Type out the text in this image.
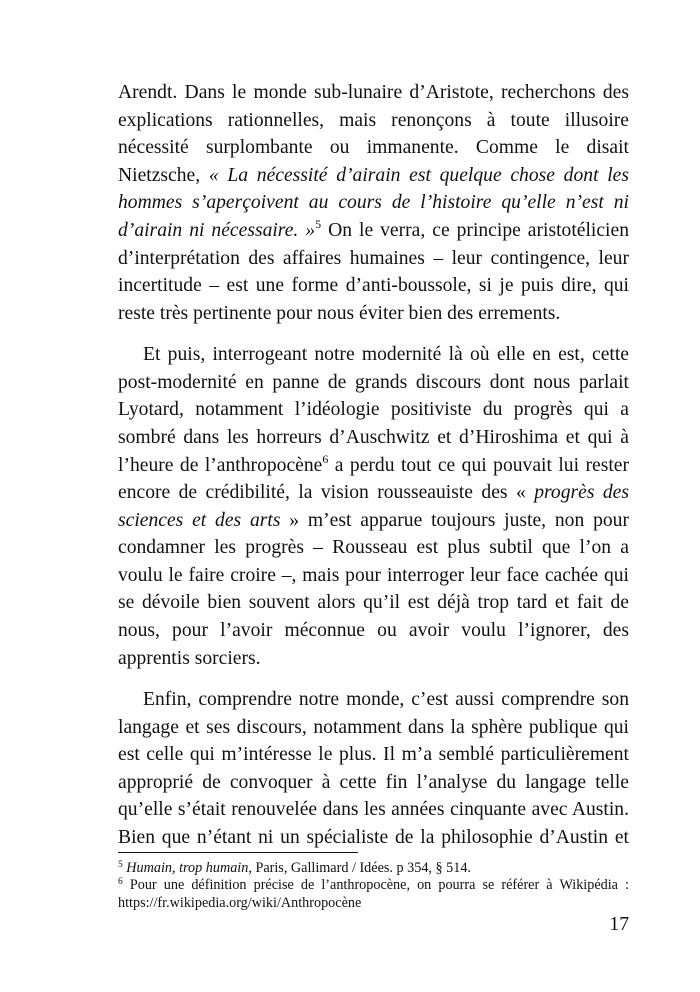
Arendt. Dans le monde sub-lunaire d’Aristote, recherchons des
explications rationnelles, mais renonçons à toute illusoire
nécessité surplombante ou immanente. Comme le disait
Nietzsche, « La nécessité d’airain est quelque chose dont les
hommes s’aperçoivent au cours de l’histoire qu’elle n’est ni
d’airain ni nécessaire. »$^5$ On le verra, ce principe aristotélicien
d’interprétation des affaires humaines – leur contingence, leur
incertitude – est une forme d’anti-boussole, si je puis dire, qui
reste très pertinente pour nous éviter bien des errements.
Et puis, interrogeant notre modernité là où elle en est, cette
post-modernité en panne de grands discours dont nous parlait
Lyotard, notamment l’idéologie positiviste du progrès qui a
sombré dans les horreurs d’Auschwitz et d’Hiroshima et qui à
l’heure de l’anthropocène$^6$ a perdu tout ce qui pouvait lui rester
encore de crédibilité, la vision rousseauiste des « progrès des
sciences et des arts » m’est apparue toujours juste, non pour
condamner les progrès – Rousseau est plus subtil que l’on a
voulu le faire croire –, mais pour interroger leur face cachée qui
se dévoile bien souvent alors qu’il est déjà trop tard et fait de
nous, pour l’avoir méconnue ou avoir voulu l’ignorer, des
apprentis sorciers.
Enfin, comprendre notre monde, c’est aussi comprendre son
langage et ses discours, notamment dans la sphère publique qui
est celle qui m’intéresse le plus. Il m’a semblé particulièrement
approprié de convoquer à cette fin l’analyse du langage telle
qu’elle s’était renouvelée dans les années cinquante avec Austin.
Bien que n’étant ni un spécialiste de la philosophie d’Austin et
$^5$ Humain, trop humain, Paris, Gallimard / Idées. p 354, § 514.
$^6$ Pour une définition précise de l’anthropocène, on pourra se référer à Wikipédia :
https://fr.wikipedia.org/wiki/Anthropocène
17
